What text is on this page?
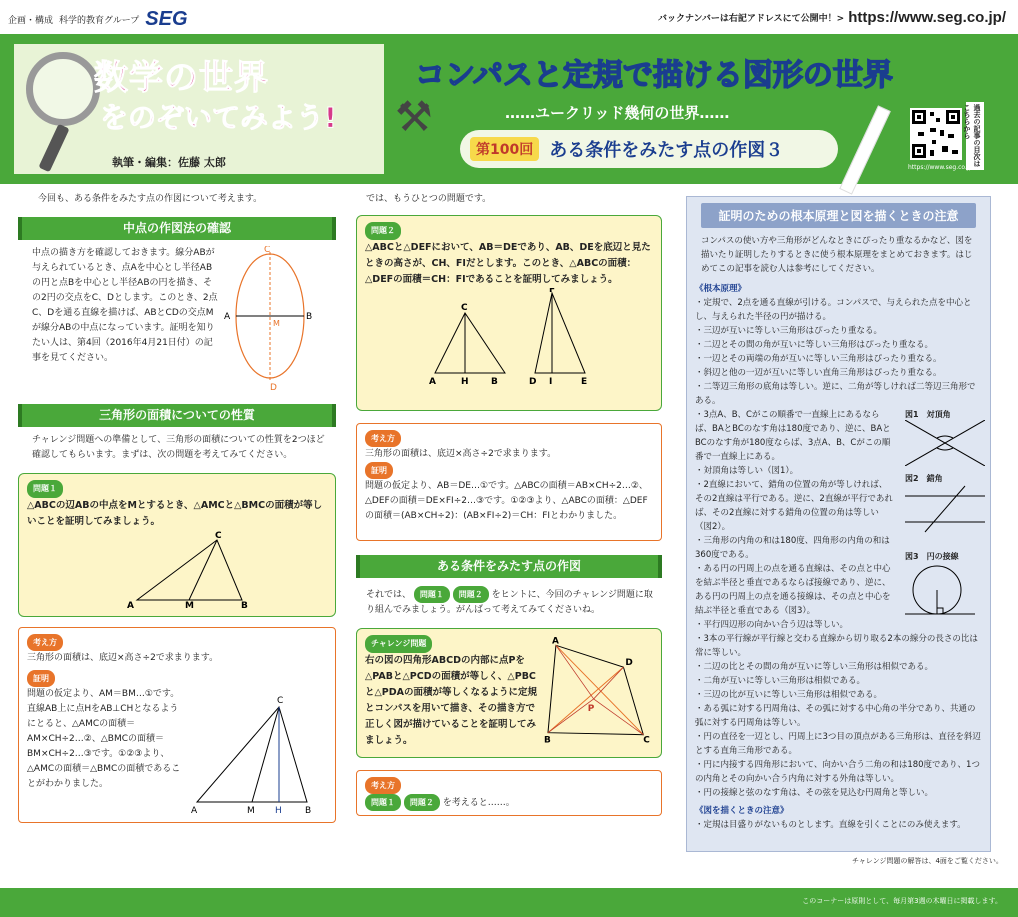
企画・構成 科学的教育グループ SEG	バックナンバーは右記アドレスにて公開中！> https://www.seg.co.jp/
数学の世界
をのぞいてみよう!
執筆・編集：佐藤 太郎
⚒
コンパスと定規で描ける図形の世界
……ユークリッド幾何の世界……
第100回 ある条件をみたす点の作図３	過去の記事の目次はこちらから
https://www.seg.co.jp/

今回も、ある条件をみたす点の作図について考えます。

中点の作図法の確認

中点の描き方を確認しておきます。線分ABが与えられているとき、点Aを中心とし半径ABの円と点Bを中心とし半径ABの円を描き、その2円の交点をC、Dとします。このとき、2点C、Dを通る直線を描けば、ABとCDの交点Mが線分ABの中点になっています。証明を知りたい人は、第4回（2016年4月21日付）の記事を見てください。

A	B
C
D
M
三角形の面積についての性質

チャレンジ問題への準備として、三角形の面積についての性質を2つほど確認してもらいます。まずは、次の問題を考えてみてください。

問題１

△ABCの辺ABの中点をMとするとき、△AMCと△BMCの面積が等しいことを証明してみましょう。

A	M	B
C
考え方

三角形の面積は、底辺×高さ÷2で求まります。

証明

問題の仮定より、AM＝BM…①です。直線AB上に点HをAB⊥CHとなるようにとると、△AMCの面積＝AM×CH÷2…②、△BMCの面積＝BM×CH÷2…③です。①②③より、△AMCの面積＝△BMCの面積であることがわかりました。

A	M H	B
C

では、もうひとつの問題です。

問題２

△ABCと△DEFにおいて、AB＝DEであり、AB、DEを底辺と見たときの高さが、CH、FIだとします。このとき、△ABCの面積：△DEFの面積＝CH：FIであることを証明してみましょう。

A	H B
C
D I	E
F
考え方

三角形の面積は、底辺×高さ÷2で求まります。

証明

問題の仮定より、AB＝DE…①です。△ABCの面積＝AB×CH÷2…②、△DEFの面積＝DE×FI÷2…③です。①②③より、△ABCの面積：△DEFの面積＝(AB×CH÷2)：(AB×FI÷2)＝CH：FIとわかりました。

ある条件をみたす点の作図

それでは、 問題１ 問題２ をヒントに、今回のチャレンジ問題に取り組んでみましょう。がんばって考えてみてくださいね。

チャレンジ問題

右の図の四角形ABCDの内部に点Pを△PABと△PCDの面積が等しく、△PBCと△PDAの面積が等しくなるように定規とコンパスを用いて描き、その描き方で正しく図が描けていることを証明してみましょう。

A
D
C
B
P
考え方
問題１ 問題２ を考えると……。
証明のための根本原理と図を描くときの注意

コンパスの使い方や三角形がどんなときにぴったり重なるかなど、図を描いたり証明したりするときに使う根本原理をまとめておきます。はじめてこの記事を読む人は参考にしてください。

《根本原理》

・定規で、2点を通る直線が引ける。コンパスで、与えられた点を中心とし、与えられた半径の円が描ける。

・三辺が互いに等しい三角形はぴったり重なる。

・二辺とその間の角が互いに等しい三角形はぴったり重なる。

・一辺とその両端の角が互いに等しい三角形はぴったり重なる。

・斜辺と他の一辺が互いに等しい直角三角形はぴったり重なる。

・二等辺三角形の底角は等しい。逆に、二角が等しければ二等辺三角形である。

・3点A、B、Cがこの順番で一直線上にあるならば、BAとBCのなす角は180度であり、逆に、BAとBCのなす角が180度ならば、3点A、B、Cがこの順番で一直線上にある。

・対頂角は等しい（図1）。

・2直線において、錯角の位置の角が等しければ、その2直線は平行である。逆に、2直線が平行であれば、その2直線に対する錯角の位置の角は等しい（図2）。

・三角形の内角の和は180度、四角形の内角の和は360度である。

・ある円の円周上の点を通る直線は、その点と中心を結ぶ半径と垂直であるならば接線であり、逆に、ある円の円周上の点を通る接線は、その点と中心を結ぶ半径と垂直である（図3）。

・平行四辺形の向かい合う辺は等しい。

・3本の平行線が平行線と交わる直線から切り取る2本の線分の長さの比は常に等しい。

・二辺の比とその間の角が互いに等しい三角形は相似である。

・二角が互いに等しい三角形は相似である。

・三辺の比が互いに等しい三角形は相似である。

・ある弧に対する円周角は、その弧に対する中心角の半分であり、共通の弧に対する円周角は等しい。

・円の直径を一辺とし、円周上に3つ目の頂点がある三角形は、直径を斜辺とする直角三角形である。

・円に内接する四角形において、向かい合う二角の和は180度であり、1つの内角とその向かい合う内角に対する外角は等しい。

・円の接線と弦のなす角は、その弦を見込む円周角と等しい。

《図を描くときの注意》

・定規は目盛りがないものとします。直線を引くことにのみ使えます。

図1　対頂角
図2　錯角
図3　円の接線
チャレンジ問題の解答は、4面をご覧ください。
このコーナーは原則として、毎月第3週の木曜日に掲載します。
